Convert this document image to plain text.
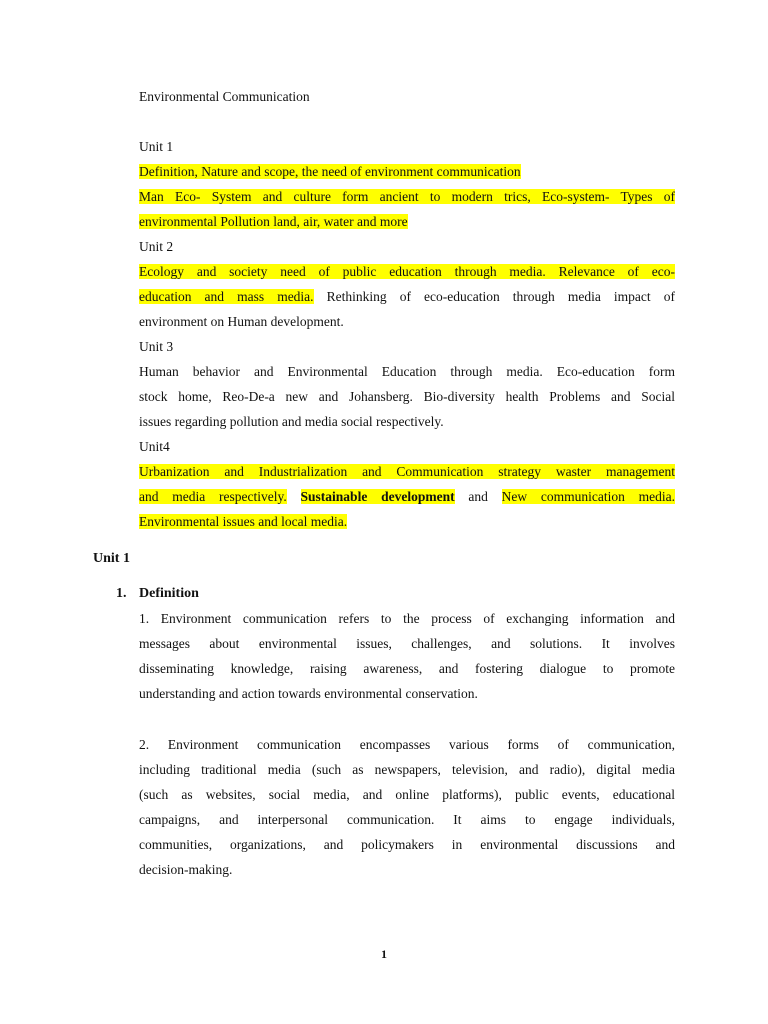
Environmental Communication
Unit 1
Definition, Nature and scope, the need of environment communication
Man Eco- System and culture form ancient to modern trics, Eco-system- Types of
environmental Pollution land, air, water and more
Unit 2
Ecology and society need of public education through media. Relevance of eco-
education and mass media. Rethinking of eco-education through media impact of
environment on Human development.
Unit 3
Human behavior and Environmental Education through media. Eco-education form
stock home, Reo-De-a new and Johansberg. Bio-diversity health Problems and Social
issues regarding pollution and media social respectively.
Unit4
Urbanization and Industrialization and Communication strategy waster management
and media respectively. Sustainable development and New communication media.
Environmental issues and local media.
Unit 1
1. Definition
1. Environment communication refers to the process of exchanging information and
messages about environmental issues, challenges, and solutions. It involves
disseminating knowledge, raising awareness, and fostering dialogue to promote
understanding and action towards environmental conservation.
2. Environment communication encompasses various forms of communication,
including traditional media (such as newspapers, television, and radio), digital media
(such as websites, social media, and online platforms), public events, educational
campaigns, and interpersonal communication. It aims to engage individuals,
communities, organizations, and policymakers in environmental discussions and
decision-making.
1
